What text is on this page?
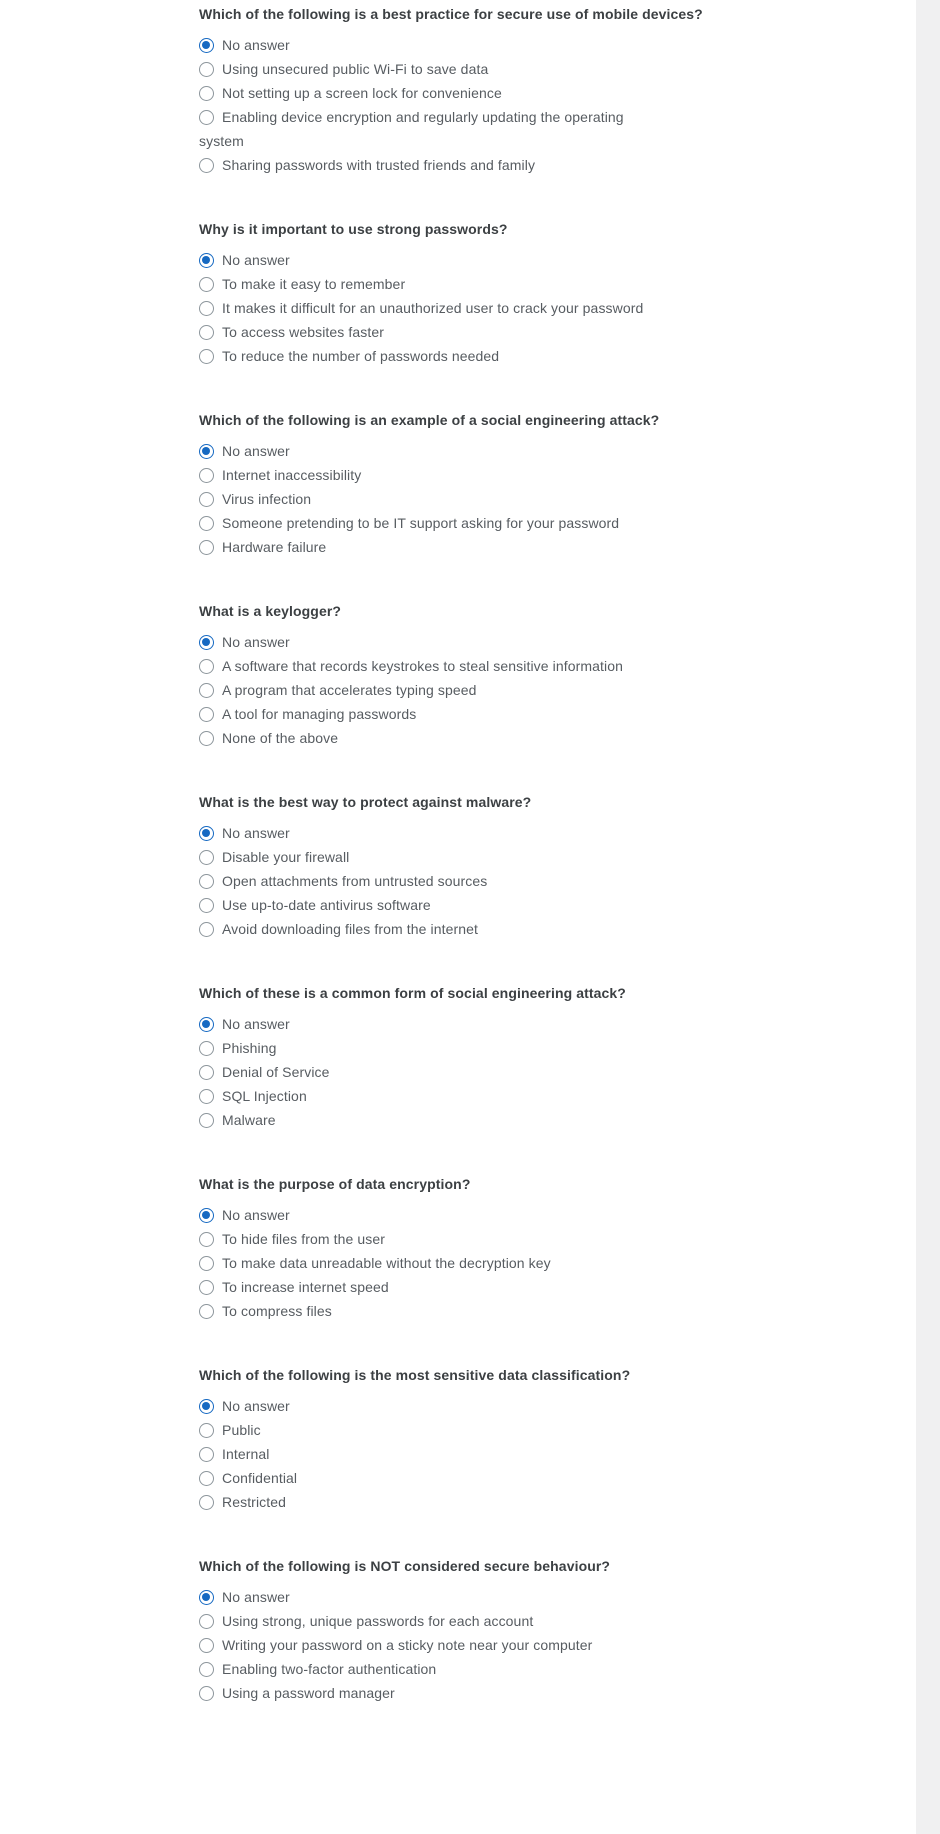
Which of the following is a best practice for secure use of mobile devices?
No answer
Using unsecured public Wi-Fi to save data
Not setting up a screen lock for convenience
Enabling device encryption and regularly updating the operating system
Sharing passwords with trusted friends and family
Why is it important to use strong passwords?
No answer
To make it easy to remember
It makes it difficult for an unauthorized user to crack your password
To access websites faster
To reduce the number of passwords needed
Which of the following is an example of a social engineering attack?
No answer
Internet inaccessibility
Virus infection
Someone pretending to be IT support asking for your password
Hardware failure
What is a keylogger?
No answer
A software that records keystrokes to steal sensitive information
A program that accelerates typing speed
A tool for managing passwords
None of the above
What is the best way to protect against malware?
No answer
Disable your firewall
Open attachments from untrusted sources
Use up-to-date antivirus software
Avoid downloading files from the internet
Which of these is a common form of social engineering attack?
No answer
Phishing
Denial of Service
SQL Injection
Malware
What is the purpose of data encryption?
No answer
To hide files from the user
To make data unreadable without the decryption key
To increase internet speed
To compress files
Which of the following is the most sensitive data classification?
No answer
Public
Internal
Confidential
Restricted
Which of the following is NOT considered secure behaviour?
No answer
Using strong, unique passwords for each account
Writing your password on a sticky note near your computer
Enabling two-factor authentication
Using a password manager
